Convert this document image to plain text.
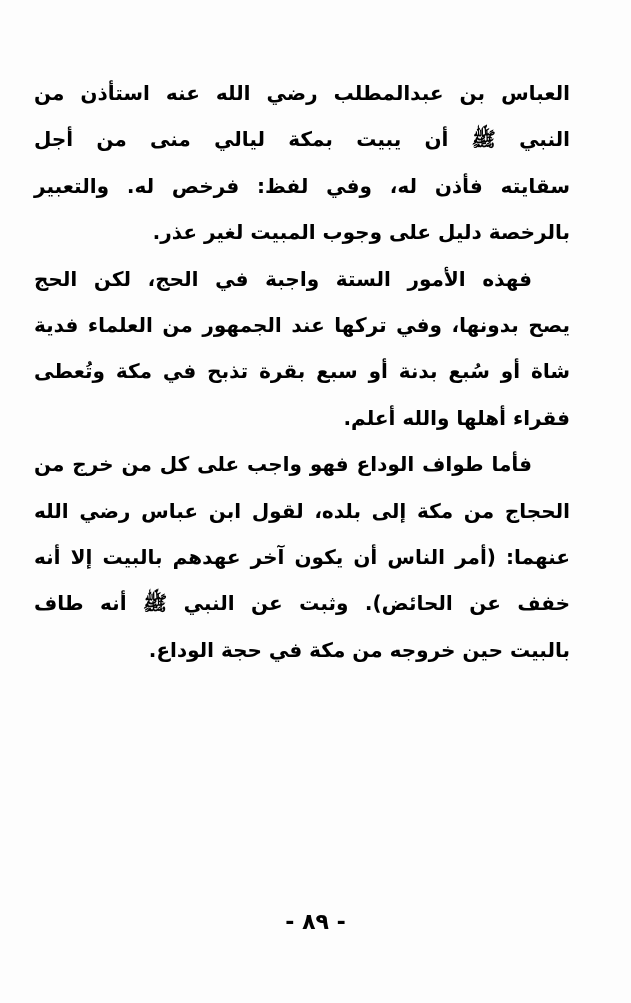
العباس بن عبدالمطلب رضي الله عنه استأذن من
النبي ﷺ أن يبيت بمكة ليالي منى من أجل
سقايته فأذن له، وفي لفظ: فرخص له. والتعبير
بالرخصة دليل على وجوب المبيت لغير عذر.
فهذه الأمور الستة واجبة في الحج، لكن الحج
يصح بدونها، وفي تركها عند الجمهور من العلماء فدية
شاة أو سُبع بدنة أو سبع بقرة تذبح في مكة وتُعطى
فقراء أهلها والله أعلم.
فأما طواف الوداع فهو واجب على كل من خرج من
الحجاج من مكة إلى بلده، لقول ابن عباس رضي الله
عنهما: (أمر الناس أن يكون آخر عهدهم بالبيت إلا أنه
خفف عن الحائض). وثبت عن النبي ﷺ أنه طاف
بالبيت حين خروجه من مكة في حجة الوداع.
- ٨٩ -
